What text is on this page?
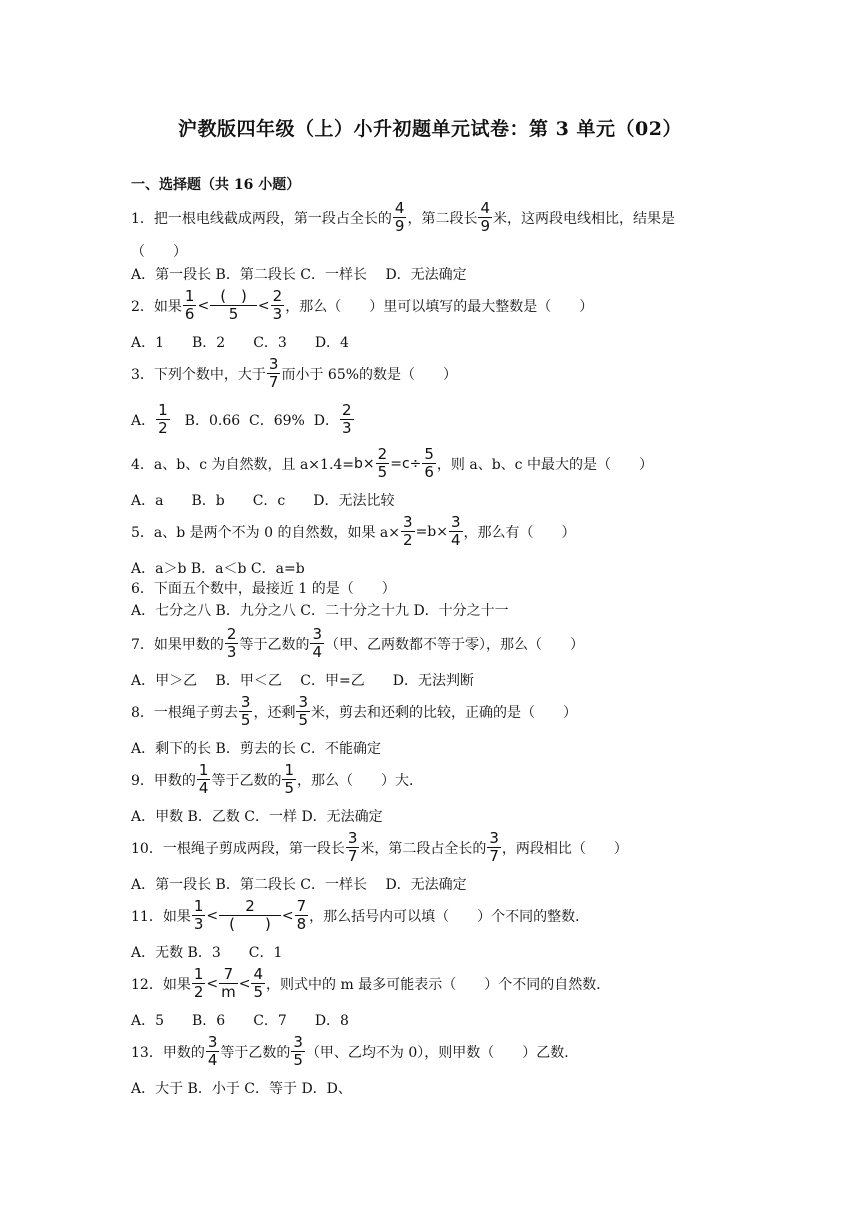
沪教版四年级（上）小升初题单元试卷：第 3 单元（02）
一、选择题（共 16 小题）
1．把一根电线截成两段，第一段占全长的 $\frac{4}{9}$ ，第二段长 $\frac{4}{9}$ 米，这两段电线相比，结果是
（　　）
A．第一段长 B．第二段长 C．一样长　 D．无法确定
2．如果 $\frac{1}{6} < \frac{( )}{5} < \frac{2}{3}$ ，那么（　　）里可以填写的最大整数是（　　）
A．1　　B．2　　C．3　　D．4
3．下列个数中，大于 $\frac{3}{7}$ 而小于 65%的数是（　　）
A． $\frac{1}{2}$ 　B．0.66  C．69%  D． $\frac{2}{3}$
4．a、b、c 为自然数，且 $a\times 1.4= b\times \frac{2}{5} = c\div \frac{5}{6}$ ，则 a、b、c 中最大的是（　　）
A．a　　B．b　　C．c　　D．无法比较
5．a、b 是两个不为 0 的自然数，如果 $a\times \frac{3}{2} =b\times \frac{3}{4}$ ，那么有（　　）
A．a＞b B．a＜b C．a=b
6．下面五个数中，最接近 1 的是（　　）
A．七分之八 B．九分之八 C．二十分之十九 D．十分之十一
7．如果甲数的 $\frac{2}{3}$ 等于乙数的 $\frac{3}{4}$ （甲、乙两数都不等于零），那么（　　）
A．甲＞乙　 B．甲＜乙　 C．甲=乙　　D．无法判断
8．一根绳子剪去 $\frac{3}{5}$ ，还剩 $\frac{3}{5}$ 米，剪去和还剩的比较，正确的是（　　）
A．剩下的长 B．剪去的长 C．不能确定
9．甲数的 $\frac{1}{4}$ 等于乙数的 $\frac{1}{5}$ ，那么（　　）大．
A．甲数 B．乙数 C．一样 D．无法确定
10．一根绳子剪成两段，第一段长 $\frac{3}{7}$ 米，第二段占全长的 $\frac{3}{7}$ ，两段相比（　　）
A．第一段长 B．第二段长 C．一样长　 D．无法确定
11．如果 $\frac{1}{3} < \frac{2}{( )} < \frac{7}{8}$ ，那么括号内可以填（　　）个不同的整数．
A．无数 B．3　　C．1
12．如果 $\frac{1}{2} < \frac{7}{m} < \frac{4}{5}$ ，则式中的 m 最多可能表示（　　）个不同的自然数．
A．5　　B．6　　C．7　　D．8
13．甲数的 $\frac{3}{4}$ 等于乙数的 $\frac{3}{5}$ （甲、乙均不为 0），则甲数（　　）乙数．
A．大于 B．小于 C．等于 D．D、
